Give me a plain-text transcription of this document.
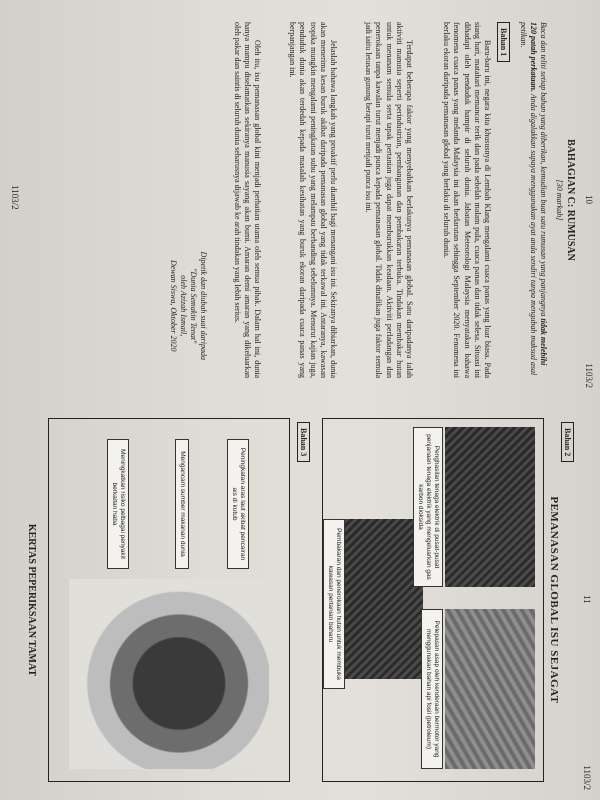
10
BAHAGIAN C: RUMUSAN
[30 markah]
Baca dan teliti setiap bahan yang diberikan, kemudian buat satu rumusan yang panjangnya tidak melebihi 120 patah perkataan. Anda digalakkan supaya menggunakan ayat anda sendiri tanpa mengubah maksud asal petikan.
Bahan 1
Baru-baru ini, negara kita khususnya di Lembah Klang mengalami cuaca panas yang luar biasa. Pada siang hari, matahari memancar terik dan pada sebelah malam pula, cuaca panas dan tidak selesa. Situasi ini dihadapi oleh penduduk hampir di seluruh dunia. Jabatan Meteorologi Malaysia menyatakan bahawa fenomena cuaca panas yang melanda Malaysia ini akan berlarutan sehingga September 2020. Fenomena ini berlaku ekoran daripada pemanasan global yang berlaku di seluruh dunia.
Terdapat beberapa faktor yang menyebabkan berlakunya pemanasan global. Satu daripadanya ialah aktiviti manusia seperti perindustrian, pembangunan dan pembakaran terbuka. Tindakan membakar hutan untuk menanam semula serta tapak pertanian juga dapat memburukkan keadaan. Aktiviti perladangan dan penerokaan tanpa kawalan turut menjadi punca kepada pemanasan global. Tidak dinafikan juga faktor semula jadi iaitu letusan gunung berapi turut menjadi punca isu ini.
Jelaslah bahawa langkah yang proaktif perlu diambil bagi menangani isu ini. Sekiranya dibiarkan, dunia akan menerima kesan buruk akibat daripada pemanasan global yang tidak terkawal ini. Antaranya, kawasan tropika mungkin mengalami peningkatan suhu yang melampau berbanding sebelumnya. Menurut kajian juga, penduduk dunia akan terdedah kepada masalah kesihatan yang buruk ekoran daripada cuaca panas yang berpanjangan ini.
Oleh itu, isu pemanasan global kini menjadi perhatian utama oleh semua pihak. Dalam hal ini, dunia hanya mampu diselamatkan sekiranya manusia sayang akan bumi. Amaran demi amaran yang dikeluarkan oleh pakar dan saintis di seluruh dunia seharusnya dijawab ke arah tindakan yang lebih serius.
Dipetik dan diubah suai daripada
"Dunia Semakin Tenat"
oleh Azizah Ismail,
Dewan Siswa, Oktober 2020
1103/2
1103/2
11
1103/2
Bahan 2
PEMANASAN GLOBAL ISU SEJAGAT
Penghasilan tenaga elektrik di pusat-pusat penjanaan tenaga elektrik yang mengeluarkan gas karbon dioksida
Pelepasan asap oleh kenderaan bermotor yang menggunakan bahan api fosil (petroleum)
Pembakaran dan penerokaan hutan untuk membuka kawasan pertanian baharu
Bahan 3
Peningkatan aras laut akibat pencairan ais di kutub
Mengancam sumber makanan dunia
Meningkatkan risiko pelbagai penyakit berkaitan haba
KERTAS PEPERIKSAAN TAMAT
